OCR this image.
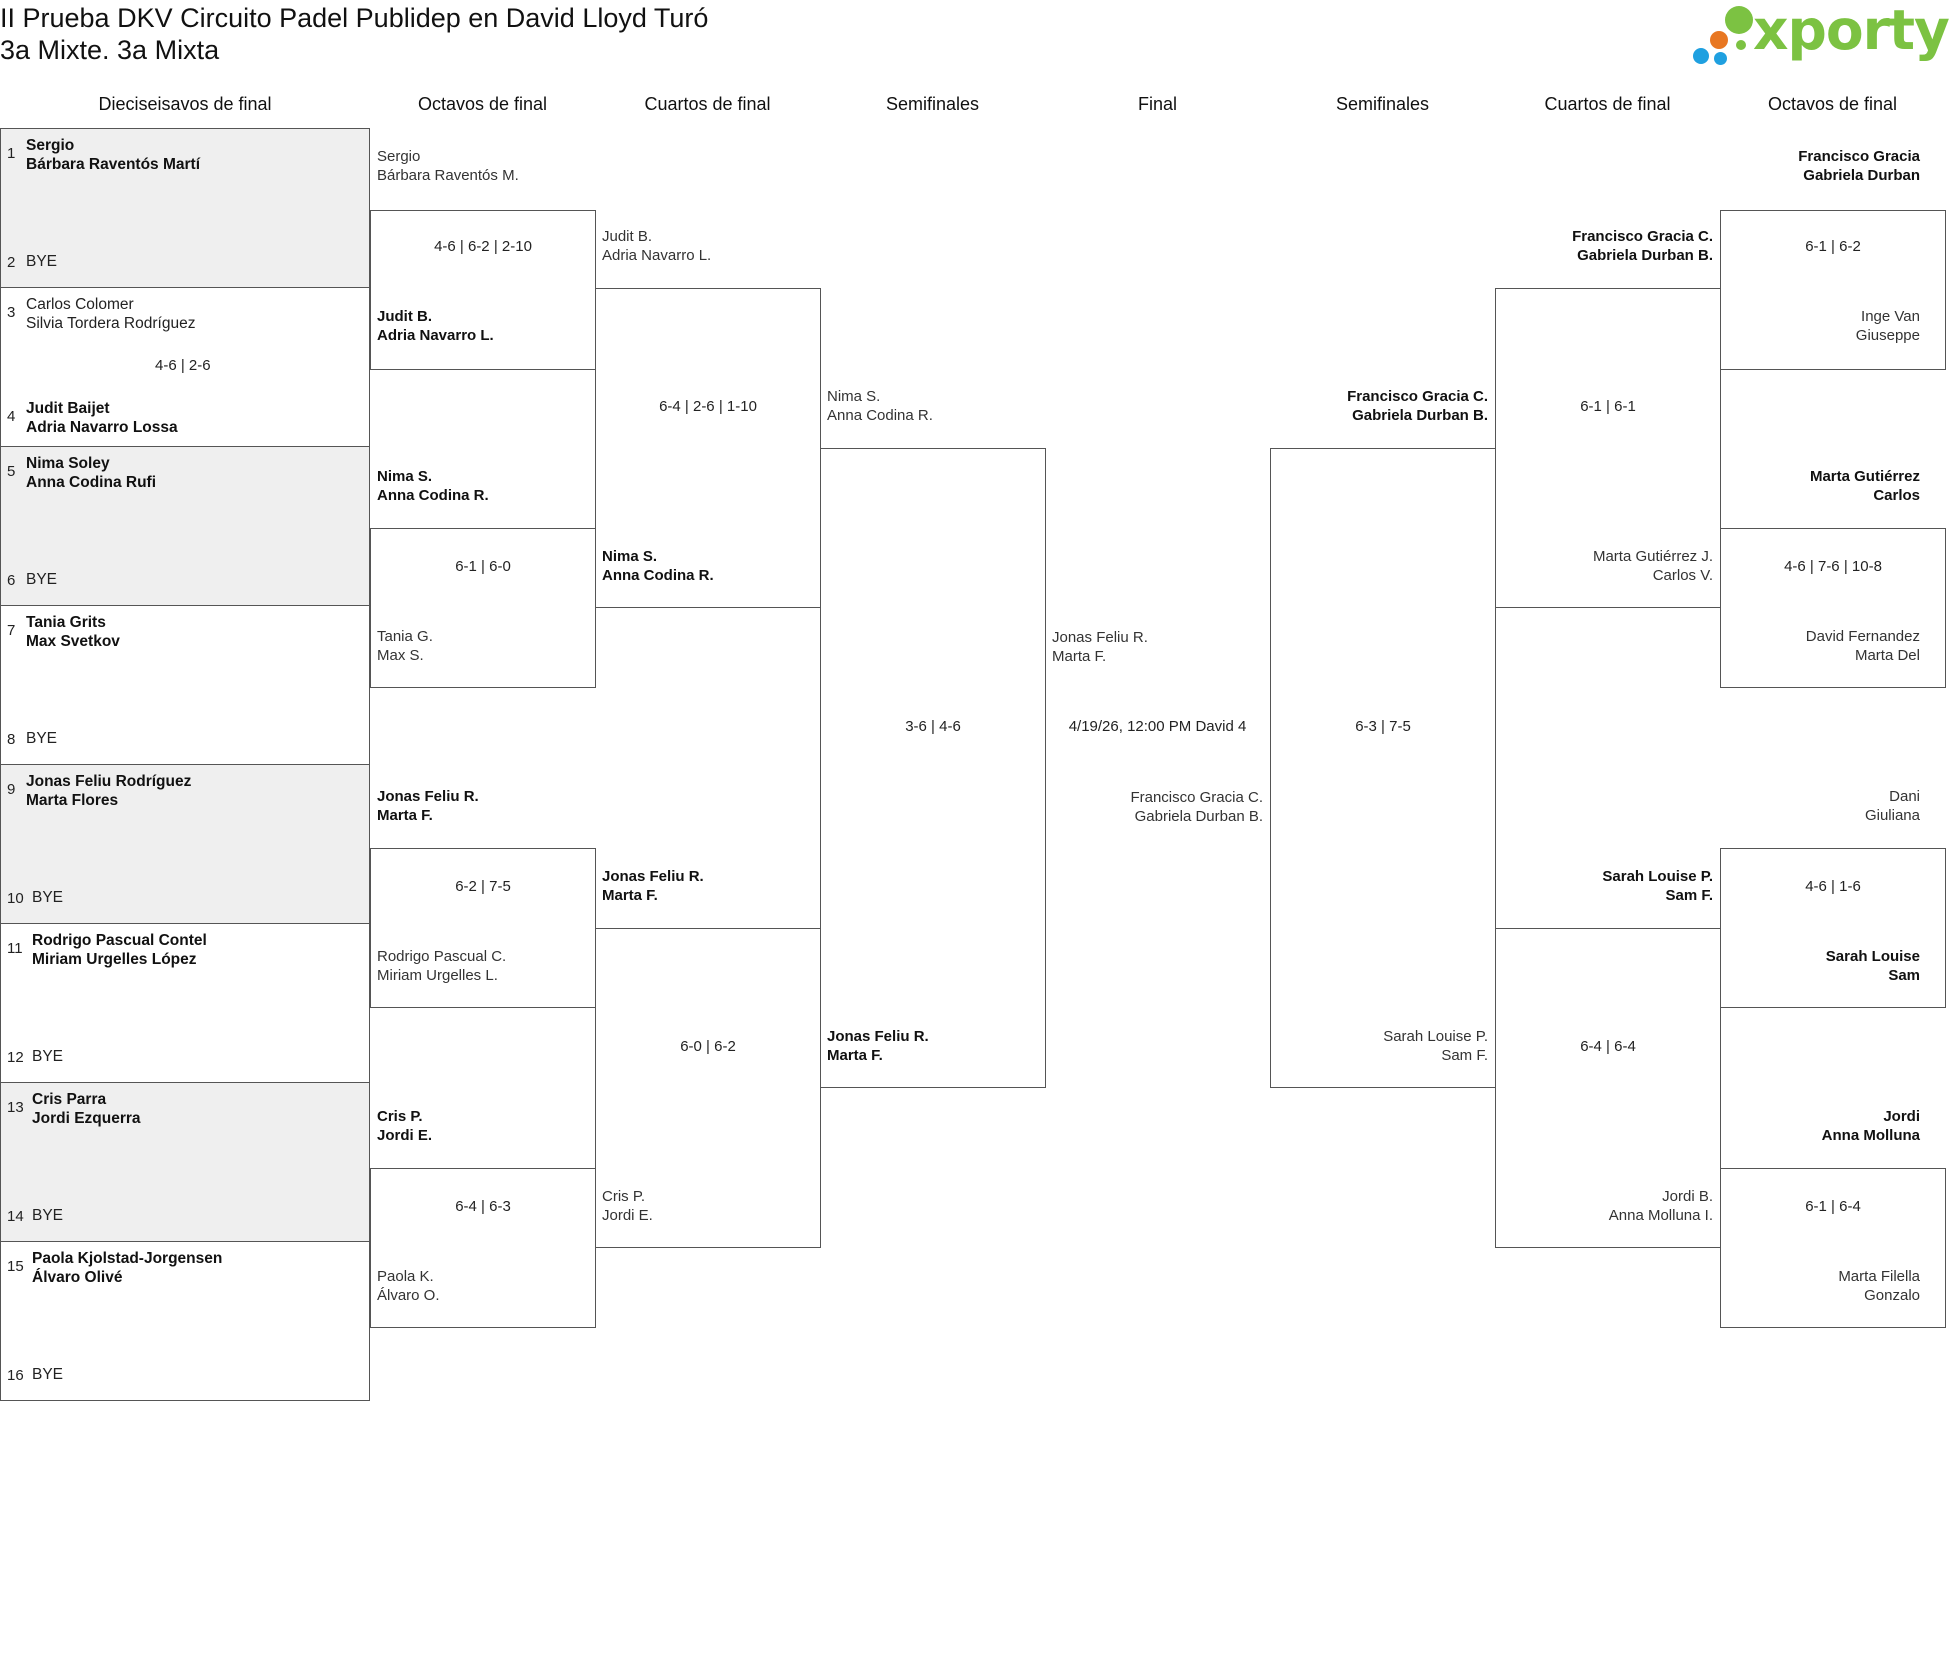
II Prueba DKV Circuito Padel Publidep en David Lloyd Turó
3a Mixte. 3a Mixta	xporty
Dieciseisavos de final	Octavos de final	Cuartos de final	Semifinales	Final	Semifinales	Cuartos de final	Octavos de final
1 Sergio
Bárbara Raventós Martí
2 BYE
3 Carlos Colomer
Silvia Tordera Rodríguez
4 Judit Baijet
Adria Navarro Lossa
5 Nima Soley
Anna Codina Rufi
6 BYE
7 Tania Grits
Max Svetkov
8 BYE
9 Jonas Feliu Rodríguez
Marta Flores
10 BYE
11 Rodrigo Pascual Contel
Miriam Urgelles López
12 BYE
13 Cris Parra
Jordi Ezquerra
14 BYE
15 Paola Kjolstad-Jorgensen
Álvaro Olivé
16 BYE
4-6 | 2-6
Sergio
Bárbara Raventós M.
Judit B.
Adria Navarro L.
Nima S.
Anna Codina R.
Tania G.
Max S.
Jonas Feliu R.
Marta F.
Rodrigo Pascual C.
Miriam Urgelles L.
Cris P.
Jordi E.
Paola K.
Álvaro O.
4-6 | 6-2 | 2-10
6-1 | 6-0
6-2 | 7-5
6-4 | 6-3
Judit B.
Adria Navarro L.
Nima S.
Anna Codina R.
Jonas Feliu R.
Marta F.
Cris P.
Jordi E.
6-4 | 2-6 | 1-10
6-0 | 6-2
Nima S.
Anna Codina R.
Jonas Feliu R.
Marta F.
3-6 | 4-6
Jonas Feliu R.
Marta F.
4/19/26, 12:00 PM David 4
Francisco Gracia C.
Gabriela Durban B.
Francisco Gracia C.
Gabriela Durban B.
Sarah Louise P.
Sam F.
6-3 | 7-5
Francisco Gracia C.
Gabriela Durban B.
Marta Gutiérrez J.
Carlos V.
Sarah Louise P.
Sam F.
Jordi B.
Anna Molluna I.
6-1 | 6-1
6-4 | 6-4
Francisco Gracia
Gabriela Durban
Inge Van
Giuseppe
Marta Gutiérrez
Carlos
David Fernandez
Marta Del
Dani
Giuliana
Sarah Louise
Sam
Jordi
Anna Molluna
Marta Filella
Gonzalo
6-1 | 6-2
4-6 | 7-6 | 10-8
4-6 | 1-6
6-1 | 6-4
